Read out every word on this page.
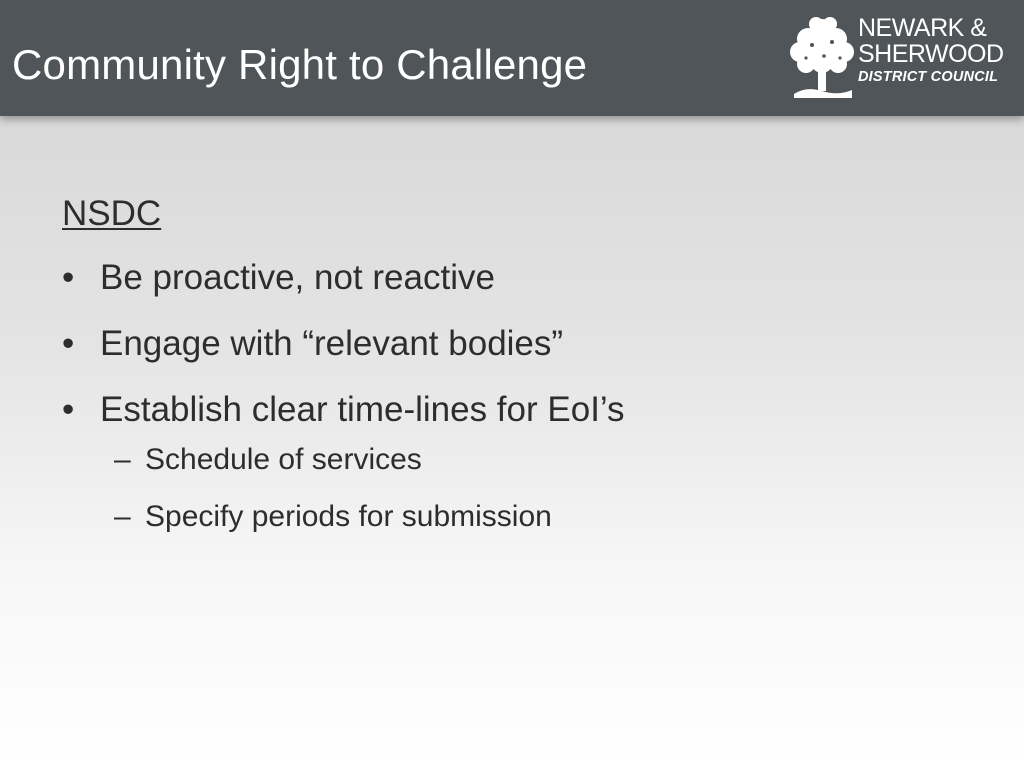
Community Right to Challenge
NEWARK &
SHERWOOD
DISTRICT COUNCIL
NSDC
• Be proactive, not reactive
• Engage with “relevant bodies”
• Establish clear time-lines for EoI’s
– Schedule of services
– Specify periods for submission
